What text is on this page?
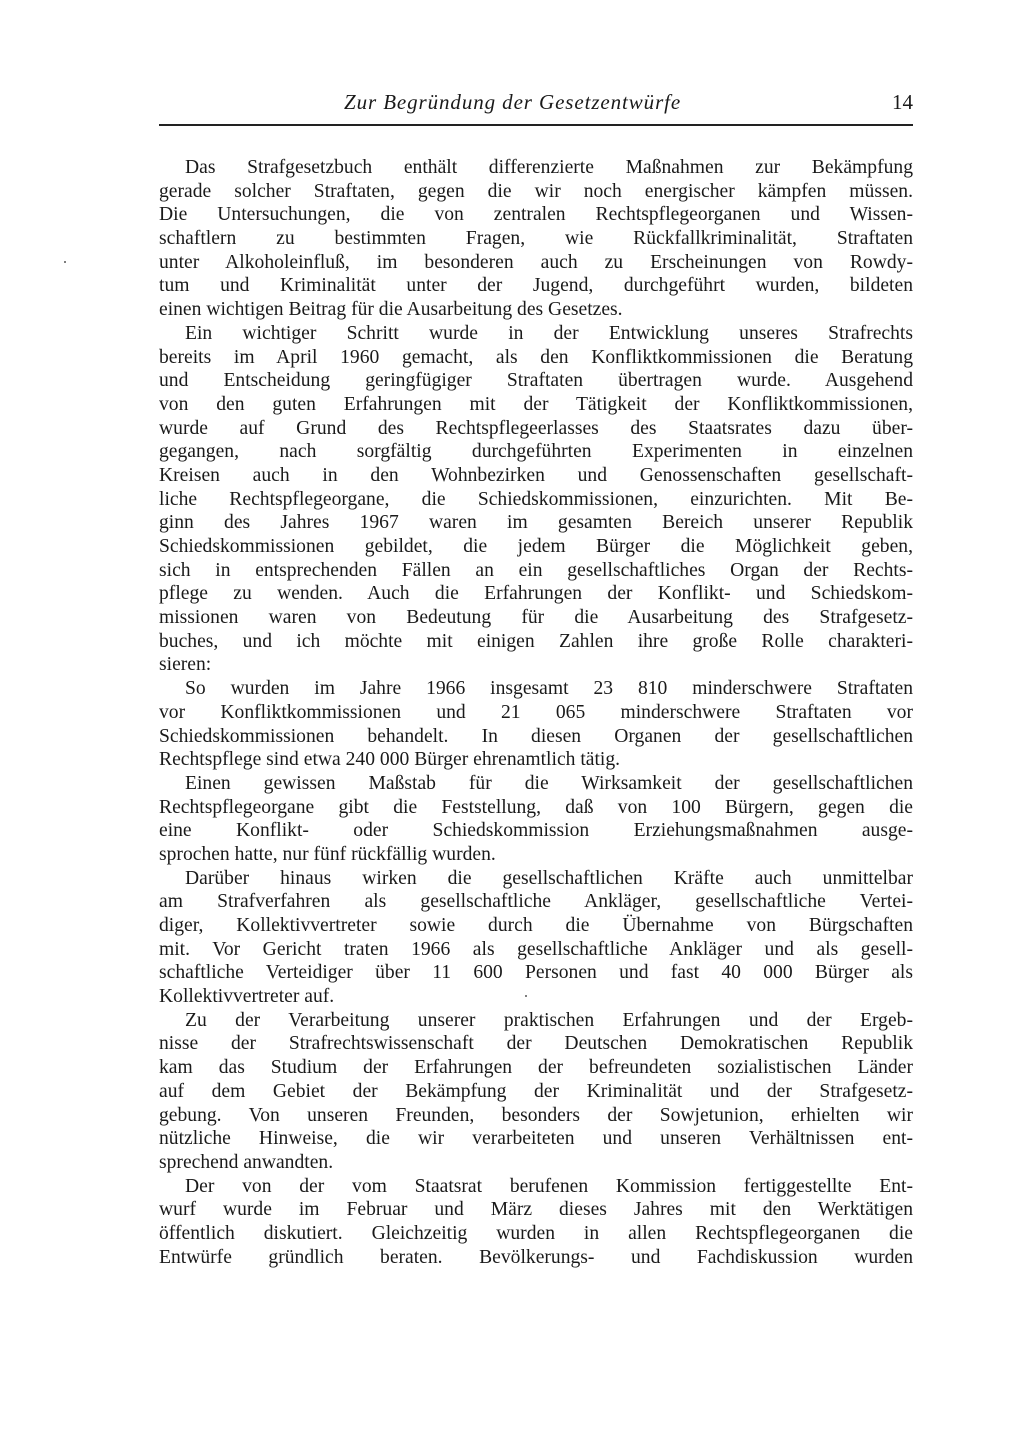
Zur Begründung der Gesetzentwürfe	14
Das Strafgesetzbuch enthält differenzierte Maßnahmen zur Bekämpfung
gerade solcher Straftaten, gegen die wir noch energischer kämpfen müssen.
Die Untersuchungen, die von zentralen Rechtspflegeorganen und Wissen-
schaftlern zu bestimmten Fragen, wie Rückfallkriminalität, Straftaten
unter Alkoholeinfluß, im besonderen auch zu Erscheinungen von Rowdy-
tum und Kriminalität unter der Jugend, durchgeführt wurden, bildeten
einen wichtigen Beitrag für die Ausarbeitung des Gesetzes.
Ein wichtiger Schritt wurde in der Entwicklung unseres Strafrechts
bereits im April 1960 gemacht, als den Konfliktkommissionen die Beratung
und Entscheidung geringfügiger Straftaten übertragen wurde. Ausgehend
von den guten Erfahrungen mit der Tätigkeit der Konfliktkommissionen,
wurde auf Grund des Rechtspflegeerlasses des Staatsrates dazu über-
gegangen, nach sorgfältig durchgeführten Experimenten in einzelnen
Kreisen auch in den Wohnbezirken und Genossenschaften gesellschaft-
liche Rechtspflegeorgane, die Schiedskommissionen, einzurichten. Mit Be-
ginn des Jahres 1967 waren im gesamten Bereich unserer Republik
Schiedskommissionen gebildet, die jedem Bürger die Möglichkeit geben,
sich in entsprechenden Fällen an ein gesellschaftliches Organ der Rechts-
pflege zu wenden. Auch die Erfahrungen der Konflikt- und Schiedskom-
missionen waren von Bedeutung für die Ausarbeitung des Strafgesetz-
buches, und ich möchte mit einigen Zahlen ihre große Rolle charakteri-
sieren:
So wurden im Jahre 1966 insgesamt 23 810 minderschwere Straftaten
vor Konfliktkommissionen und 21 065 minderschwere Straftaten vor
Schiedskommissionen behandelt. In diesen Organen der gesellschaftlichen
Rechtspflege sind etwa 240 000 Bürger ehrenamtlich tätig.
Einen gewissen Maßstab für die Wirksamkeit der gesellschaftlichen
Rechtspflegeorgane gibt die Feststellung, daß von 100 Bürgern, gegen die
eine Konflikt- oder Schiedskommission Erziehungsmaßnahmen ausge-
sprochen hatte, nur fünf rückfällig wurden.
Darüber hinaus wirken die gesellschaftlichen Kräfte auch unmittelbar
am Strafverfahren als gesellschaftliche Ankläger, gesellschaftliche Vertei-
diger, Kollektivvertreter sowie durch die Übernahme von Bürgschaften
mit. Vor Gericht traten 1966 als gesellschaftliche Ankläger und als gesell-
schaftliche Verteidiger über 11 600 Personen und fast 40 000 Bürger als
Kollektivvertreter auf.
Zu der Verarbeitung unserer praktischen Erfahrungen und der Ergeb-
nisse der Strafrechtswissenschaft der Deutschen Demokratischen Republik
kam das Studium der Erfahrungen der befreundeten sozialistischen Länder
auf dem Gebiet der Bekämpfung der Kriminalität und der Strafgesetz-
gebung. Von unseren Freunden, besonders der Sowjetunion, erhielten wir
nützliche Hinweise, die wir verarbeiteten und unseren Verhältnissen ent-
sprechend anwandten.
Der von der vom Staatsrat berufenen Kommission fertiggestellte Ent-
wurf wurde im Februar und März dieses Jahres mit den Werktätigen
öffentlich diskutiert. Gleichzeitig wurden in allen Rechtspflegeorganen die
Entwürfe gründlich beraten. Bevölkerungs- und Fachdiskussion wurden
